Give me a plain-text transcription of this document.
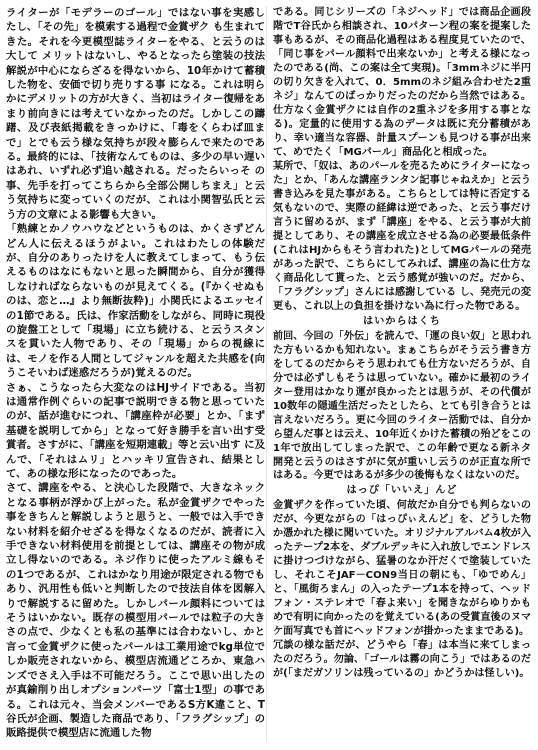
ライターが「モデラーのゴール」ではない事を実感したし、「その先」を模索する過程で金賞ザク も生まれてきた。それを今更模型誌ライターをやる、と云うのは大して メリットはないし、やるとなったら塗装の技法解説が中心にならざるを得ないから、10年かけて蓄積した物を、安価で切り売りする事 になる。これは明らかにデメリットの方が大きく、当初はライター復帰をあまり前向きには考えていなかったのだ。しかしこの躊躇、及び表紙掲載をきっかけに、「毒をくらわば皿まで」とでも云う様な気持ちが段々膨らんで来たのである。最終的には、「技術なんてものは、多少の早い遅いはあれ、いずれ必ず追い越される。だったらいっそ の事、先手を打ってこちらから全部公開しちまえ」と云う気持ちに変っていくのだが、これは小関智弘氏と云う方の文章による影響も大きい。

「熟練とかノウハウなどというものは、かくさずどんどん人に伝えるほうがよい。これはわたしの体験だが、自分のありったけを人に教えてしまって、もう伝えるものはなにもないと思った瞬間から、自分が獲得しなければならないものが見えてくる。(『かくせぬものは、恋と…』より無断抜粋)」小関氏によるエッセイの1節である。氏は、作家活動をしながら、同時に現役の旋盤工として「現場」に立ち続ける、と云うスタンスを貫いた人物であり、その「現場」からの視線には、モノを作る人間としてジャンルを超えた共感を(向うこそいわば迷惑だろうが)覚えるのだ。

さぁ、こうなったら大変なのはHJサイドである。当初は通常作例ぐらいの記事で説明できる物と思っていたのが、話が進むにつれ、「講座枠が必要」とか、「まず基礎を説明してから」となって好き勝手を言い出す受賞者。さすがに、「講座を短期連載」等と云い出す に及んで、「それはムリ」とハッキリ宣告され、結果として、あの様な形になったのであった。

さて、講座をやる、と決心した段階で、大きなネックとなる事柄が浮かび上がった。私が金賞ザクでやった事をきちんと解説しようと思うと、一般では入手できない材料を紹介せざるを得なくなるのだが、読者に入手できない材料使用を前提としては、講座その物が成立し得ないのである。ネジ作りに使ったアルミ線もその1つであるが、これはかなり用途が限定される物でもあり、汎用性も低いと判断したので技法自体を図解入りで解説するに留めた。しかしパール顔料についてはそうはいかない。既存の模型用パールでは粒子の大きさの点で、少なくとも私の基準には合わないし、かと言って金賞ザクに使ったパールは工業用途でkg単位でしか販売されないから、模型店流通どころか、東急ハンズでさえ入手は不可能だろう。ここで思い出したのが真鍮削り出しオプションパーツ「富士1型」の事である。これは元々、当会メンバーであるS方K違こと、T谷氏が企画、製造した商品であり、「フラグシップ」の販路提供で模型店に流通した物

である。同じシリーズの「ネジヘッド」では商品企画段階でT谷氏から相談され、10パターン程の案を提案した事もあるが、その商品化過程はある程度見ていたので、「同じ事をパール顔料で出来ないか」と考える様になったのである(尚、この案は全て実現)。「3mmネジに半円の切り欠きを入れて、0．5mmのネジ組み合わせた2重ネジ」なんてのばっかりだったのだから当然ではある。仕方なく金賞ザクには自作の2重ネジを多用する事となる)。定量的に使用する為のデータは既に充分蓄積があり、幸い適当な容器、計量スプーンも見つける事が出来て、めでたく「MGパール」商品化と相成った。

某所で、「奴は、あのパールを売るためにライターになった」とか、「あんな講座ランタン記事じゃねえか」と云う書き込みを見た事がある。こちらとしては特に否定する気もないので、実際の経緯は逆であった、と云う事だけ言うに留めるが、まず「講座」をやる、と云う事が大前提としてあり、その講座を成立させる為の必要最低条件(これはHJからもそう言われた)としてMGパールの発売があった訳で、こちらにしてみれば、講座の為に仕方なく商品化して貰った、と云う感覚が強いのだ。だから、「フラグシップ」さんには感謝している し、発売元の変更も、これ以上の負担を掛けない為に行った物である。

はいからはくち

前回、今回の「外伝」を読んで、「運の良い奴」と思われた方もいるかも知れない。まぁこちらがそう云う書き方をしてるのだからそう思われても仕方ないだろうが、自分では必ずしもそうは思っていない。確かに最初のライター登用はかなり運が良かったとは思うが、その代償が10数年の隠遁生活だったとしたら、とても引き合うとは言えないだろう。更に今回のライター活動では、自分から望んだ事とは云え、10年近くかけた蓄積の殆どをこの1年で放出してしまった訳で、この年齢で更なる新ネタ開発と云うのはさすがに気が重いし云うのが正直な所ではある。今更ではあるが多少の後悔もなくはないのだ。

はっぴ「いいえ」んど

金賞ザクを作っていた頃、何故だか自分でも判らないのだが、今更ながらの「はっぴぃえんど」を、どうした物か憑かれた様に聞いていた。オリジナルアルバム4枚が入ったテープ2本を、ダブルデッキに入れ放しでエンドレスに掛けつづけながら、猛暑のなか汗だくで塗装していたし、それこそJAF－CON9当日の朝にも、「ゆでめん」と、「風街ろまん」の入ったテープ1本を持って、ヘッドフォン・ステレオで「春よ来い」を聞きながらゆりかもめで有明に向かったのを覚えている(あの受賞直後のヌマケ面写真でも首にヘッドフォンが掛かったままである)。

冗談の様な話だが、どうやら「春」は本当に来てしまったのだろう。勿論、「ゴールは霧の向こう」ではあるのだが(「まだガソリンは残っているの」かどうかは怪しい)。
